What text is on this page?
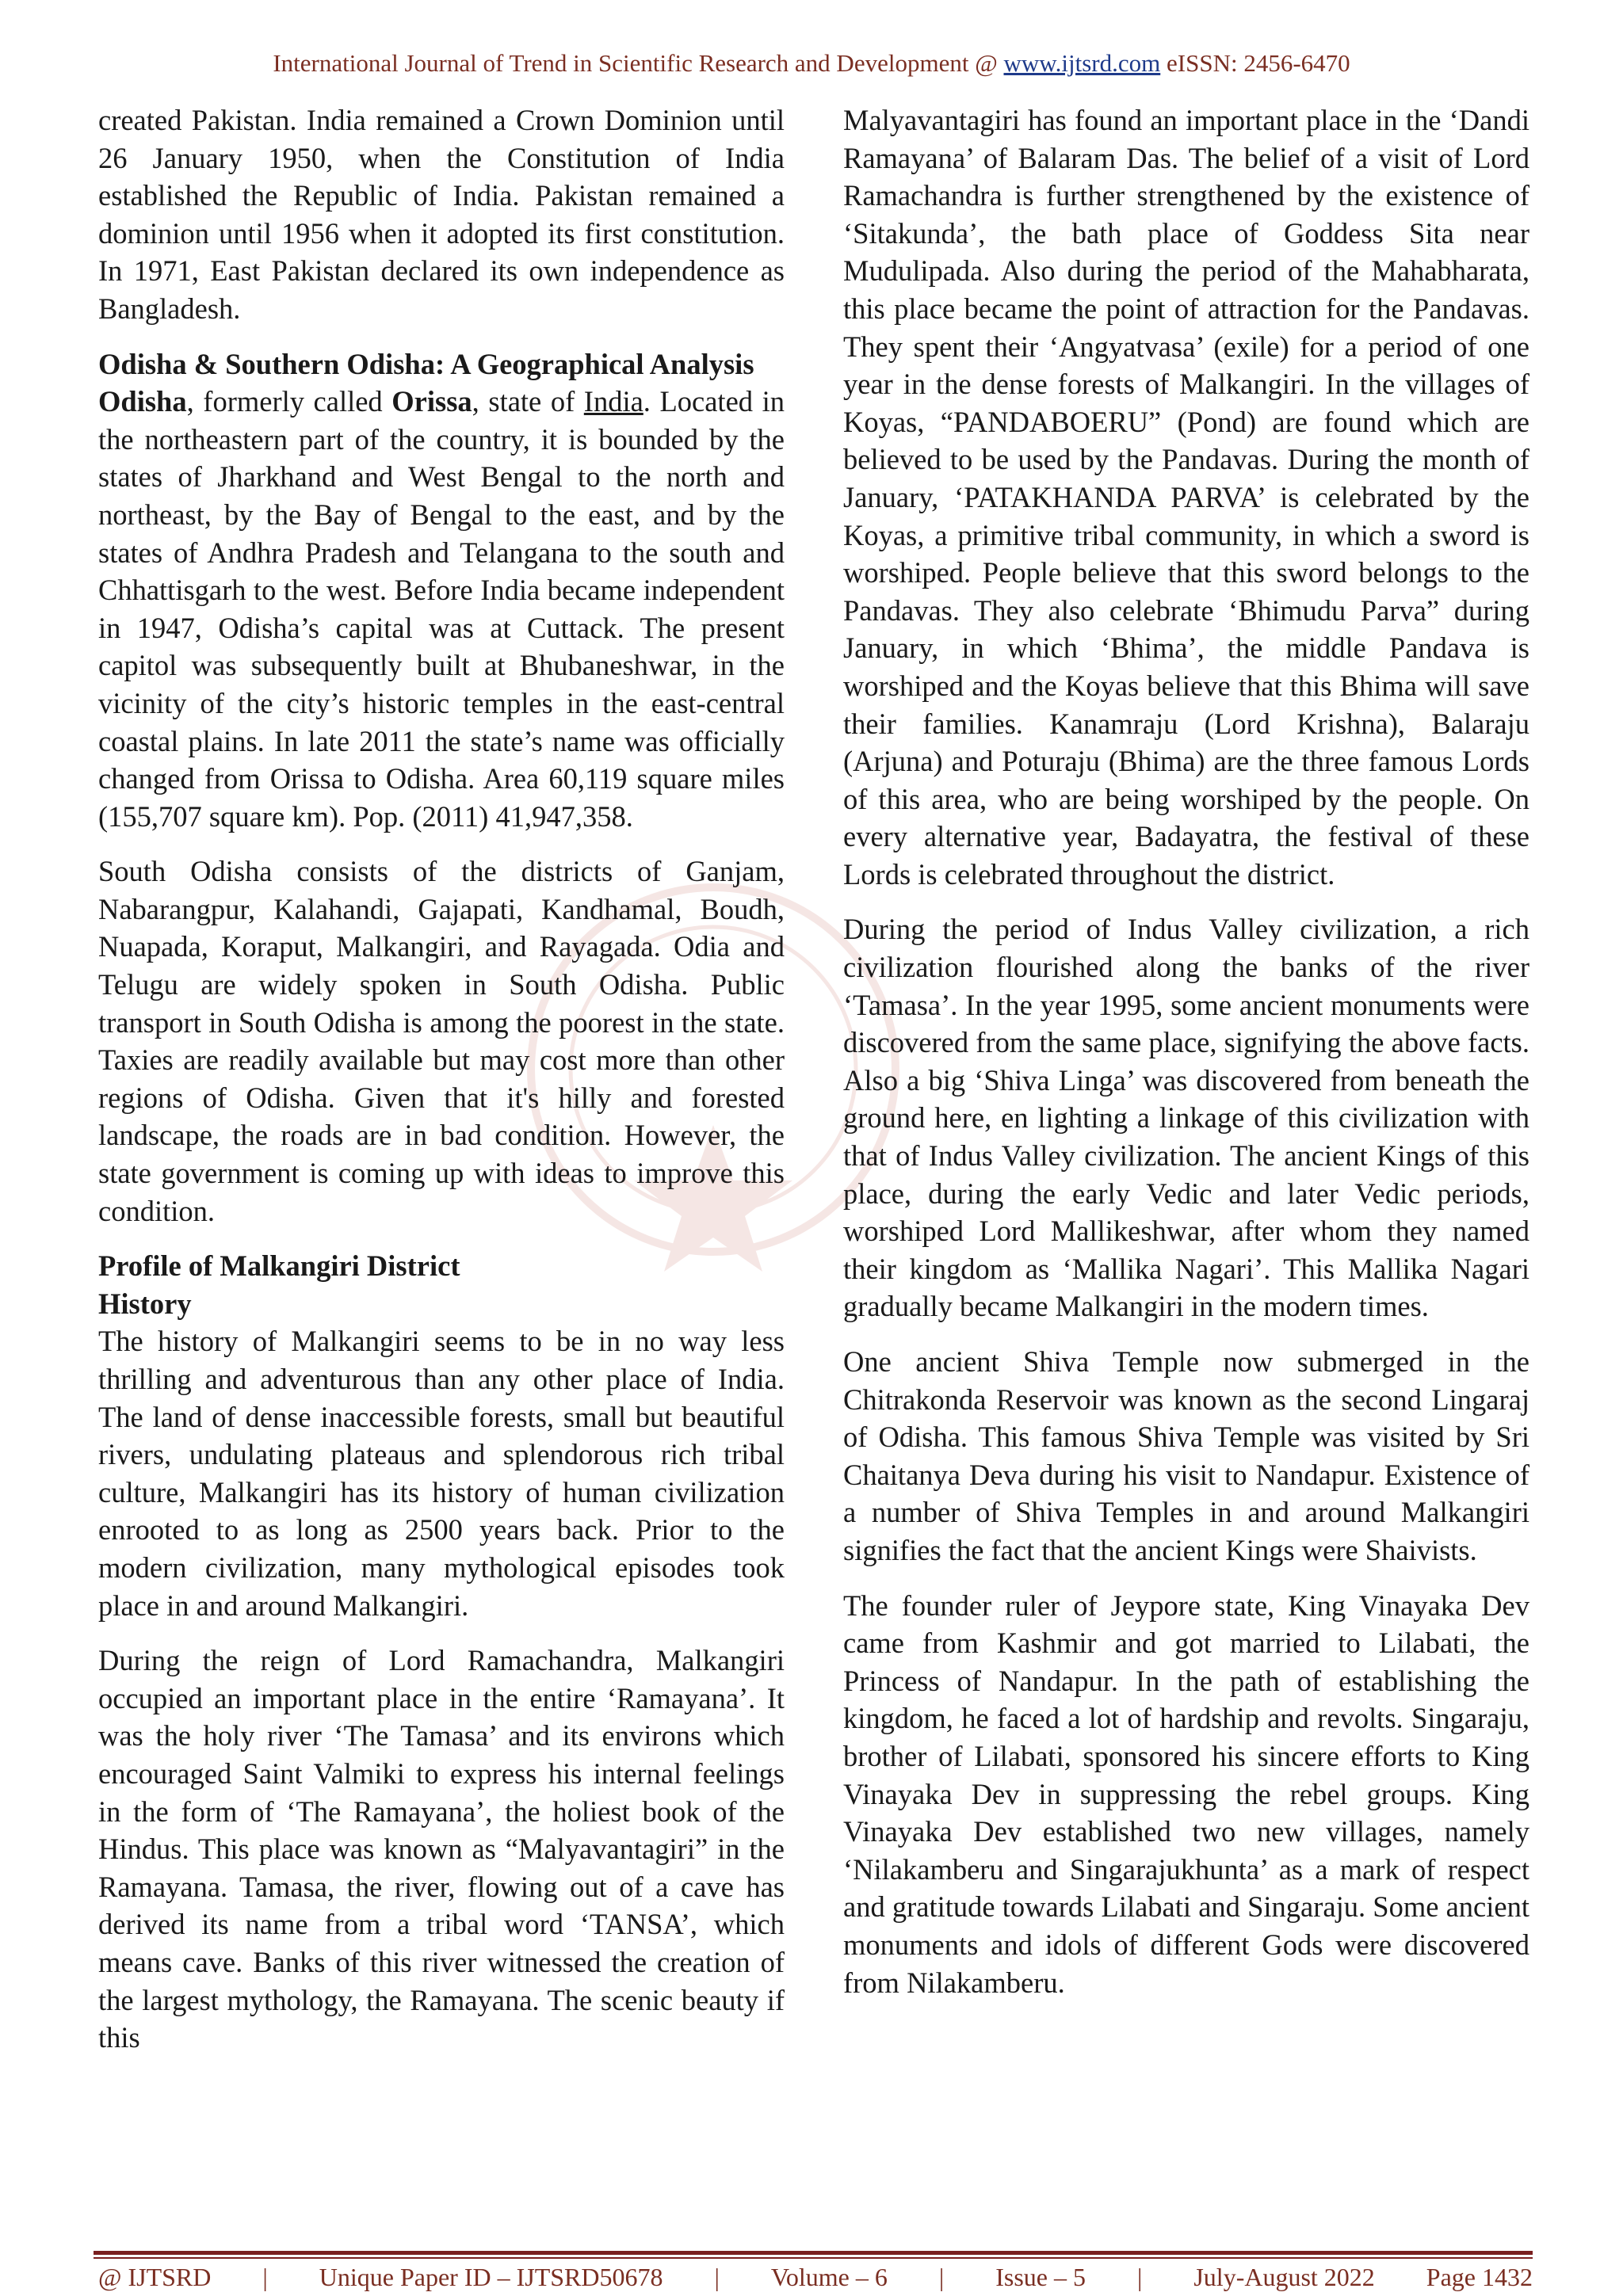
International Journal of Trend in Scientific Research and Development @ www.ijtsrd.com eISSN: 2456-6470

created Pakistan. India remained a Crown Dominion until 26 January 1950, when the Constitution of India established the Republic of India. Pakistan remained a dominion until 1956 when it adopted its first constitution. In 1971, East Pakistan declared its own independence as Bangladesh.

Odisha & Southern Odisha: A Geographical Analysis

Odisha, formerly called Orissa, state of India. Located in the northeastern part of the country, it is bounded by the states of Jharkhand and West Bengal to the north and northeast, by the Bay of Bengal to the east, and by the states of Andhra Pradesh and Telangana to the south and Chhattisgarh to the west. Before India became independent in 1947, Odisha’s capital was at Cuttack. The present capitol was subsequently built at Bhubaneshwar, in the vicinity of the city’s historic temples in the east-central coastal plains. In late 2011 the state’s name was officially changed from Orissa to Odisha. Area 60,119 square miles (155,707 square km). Pop. (2011) 41,947,358.

South Odisha consists of the districts of Ganjam, Nabarangpur, Kalahandi, Gajapati, Kandhamal, Boudh, Nuapada, Koraput, Malkangiri, and Rayagada. Odia and Telugu are widely spoken in South Odisha. Public transport in South Odisha is among the poorest in the state. Taxies are readily available but may cost more than other regions of Odisha. Given that it's hilly and forested landscape, the roads are in bad condition. However, the state government is coming up with ideas to improve this condition.

Profile of Malkangiri District
History

The history of Malkangiri seems to be in no way less thrilling and adventurous than any other place of India. The land of dense inaccessible forests, small but beautiful rivers, undulating plateaus and splendorous rich tribal culture, Malkangiri has its history of human civilization enrooted to as long as 2500 years back. Prior to the modern civilization, many mythological episodes took place in and around Malkangiri.

During the reign of Lord Ramachandra, Malkangiri occupied an important place in the entire ‘Ramayana’. It was the holy river ‘The Tamasa’ and its environs which encouraged Saint Valmiki to express his internal feelings in the form of ‘The Ramayana’, the holiest book of the Hindus. This place was known as “Malyavantagiri” in the Ramayana. Tamasa, the river, flowing out of a cave has derived its name from a tribal word ‘TANSA’, which means cave. Banks of this river witnessed the creation of the largest mythology, the Ramayana. The scenic beauty if this

Malyavantagiri has found an important place in the ‘Dandi Ramayana’ of Balaram Das. The belief of a visit of Lord Ramachandra is further strengthened by the existence of ‘Sitakunda’, the bath place of Goddess Sita near Mudulipada. Also during the period of the Mahabharata, this place became the point of attraction for the Pandavas. They spent their ‘Angyatvasa’ (exile) for a period of one year in the dense forests of Malkangiri. In the villages of Koyas, “PANDABOERU” (Pond) are found which are believed to be used by the Pandavas. During the month of January, ‘PATAKHANDA PARVA’ is celebrated by the Koyas, a primitive tribal community, in which a sword is worshiped. People believe that this sword belongs to the Pandavas. They also celebrate ‘Bhimudu Parva” during January, in which ‘Bhima’, the middle Pandava is worshiped and the Koyas believe that this Bhima will save their families. Kanamraju (Lord Krishna), Balaraju (Arjuna) and Poturaju (Bhima) are the three famous Lords of this area, who are being worshiped by the people. On every alternative year, Badayatra, the festival of these Lords is celebrated throughout the district.

During the period of Indus Valley civilization, a rich civilization flourished along the banks of the river ‘Tamasa’. In the year 1995, some ancient monuments were discovered from the same place, signifying the above facts. Also a big ‘Shiva Linga’ was discovered from beneath the ground here, en lighting a linkage of this civilization with that of Indus Valley civilization. The ancient Kings of this place, during the early Vedic and later Vedic periods, worshiped Lord Mallikeshwar, after whom they named their kingdom as ‘Mallika Nagari’. This Mallika Nagari gradually became Malkangiri in the modern times.

One ancient Shiva Temple now submerged in the Chitrakonda Reservoir was known as the second Lingaraj of Odisha. This famous Shiva Temple was visited by Sri Chaitanya Deva during his visit to Nandapur. Existence of a number of Shiva Temples in and around Malkangiri signifies the fact that the ancient Kings were Shaivists.

The founder ruler of Jeypore state, King Vinayaka Dev came from Kashmir and got married to Lilabati, the Princess of Nandapur. In the path of establishing the kingdom, he faced a lot of hardship and revolts. Singaraju, brother of Lilabati, sponsored his sincere efforts to King Vinayaka Dev in suppressing the rebel groups. King Vinayaka Dev established two new villages, namely ‘Nilakamberu and Singarajukhunta’ as a mark of respect and gratitude towards Lilabati and Singaraju. Some ancient monuments and idols of different Gods were discovered from Nilakamberu.

@ IJTSRD | Unique Paper ID – IJTSRD50678 | Volume – 6 | Issue – 5 | July-August 2022 Page 1432
